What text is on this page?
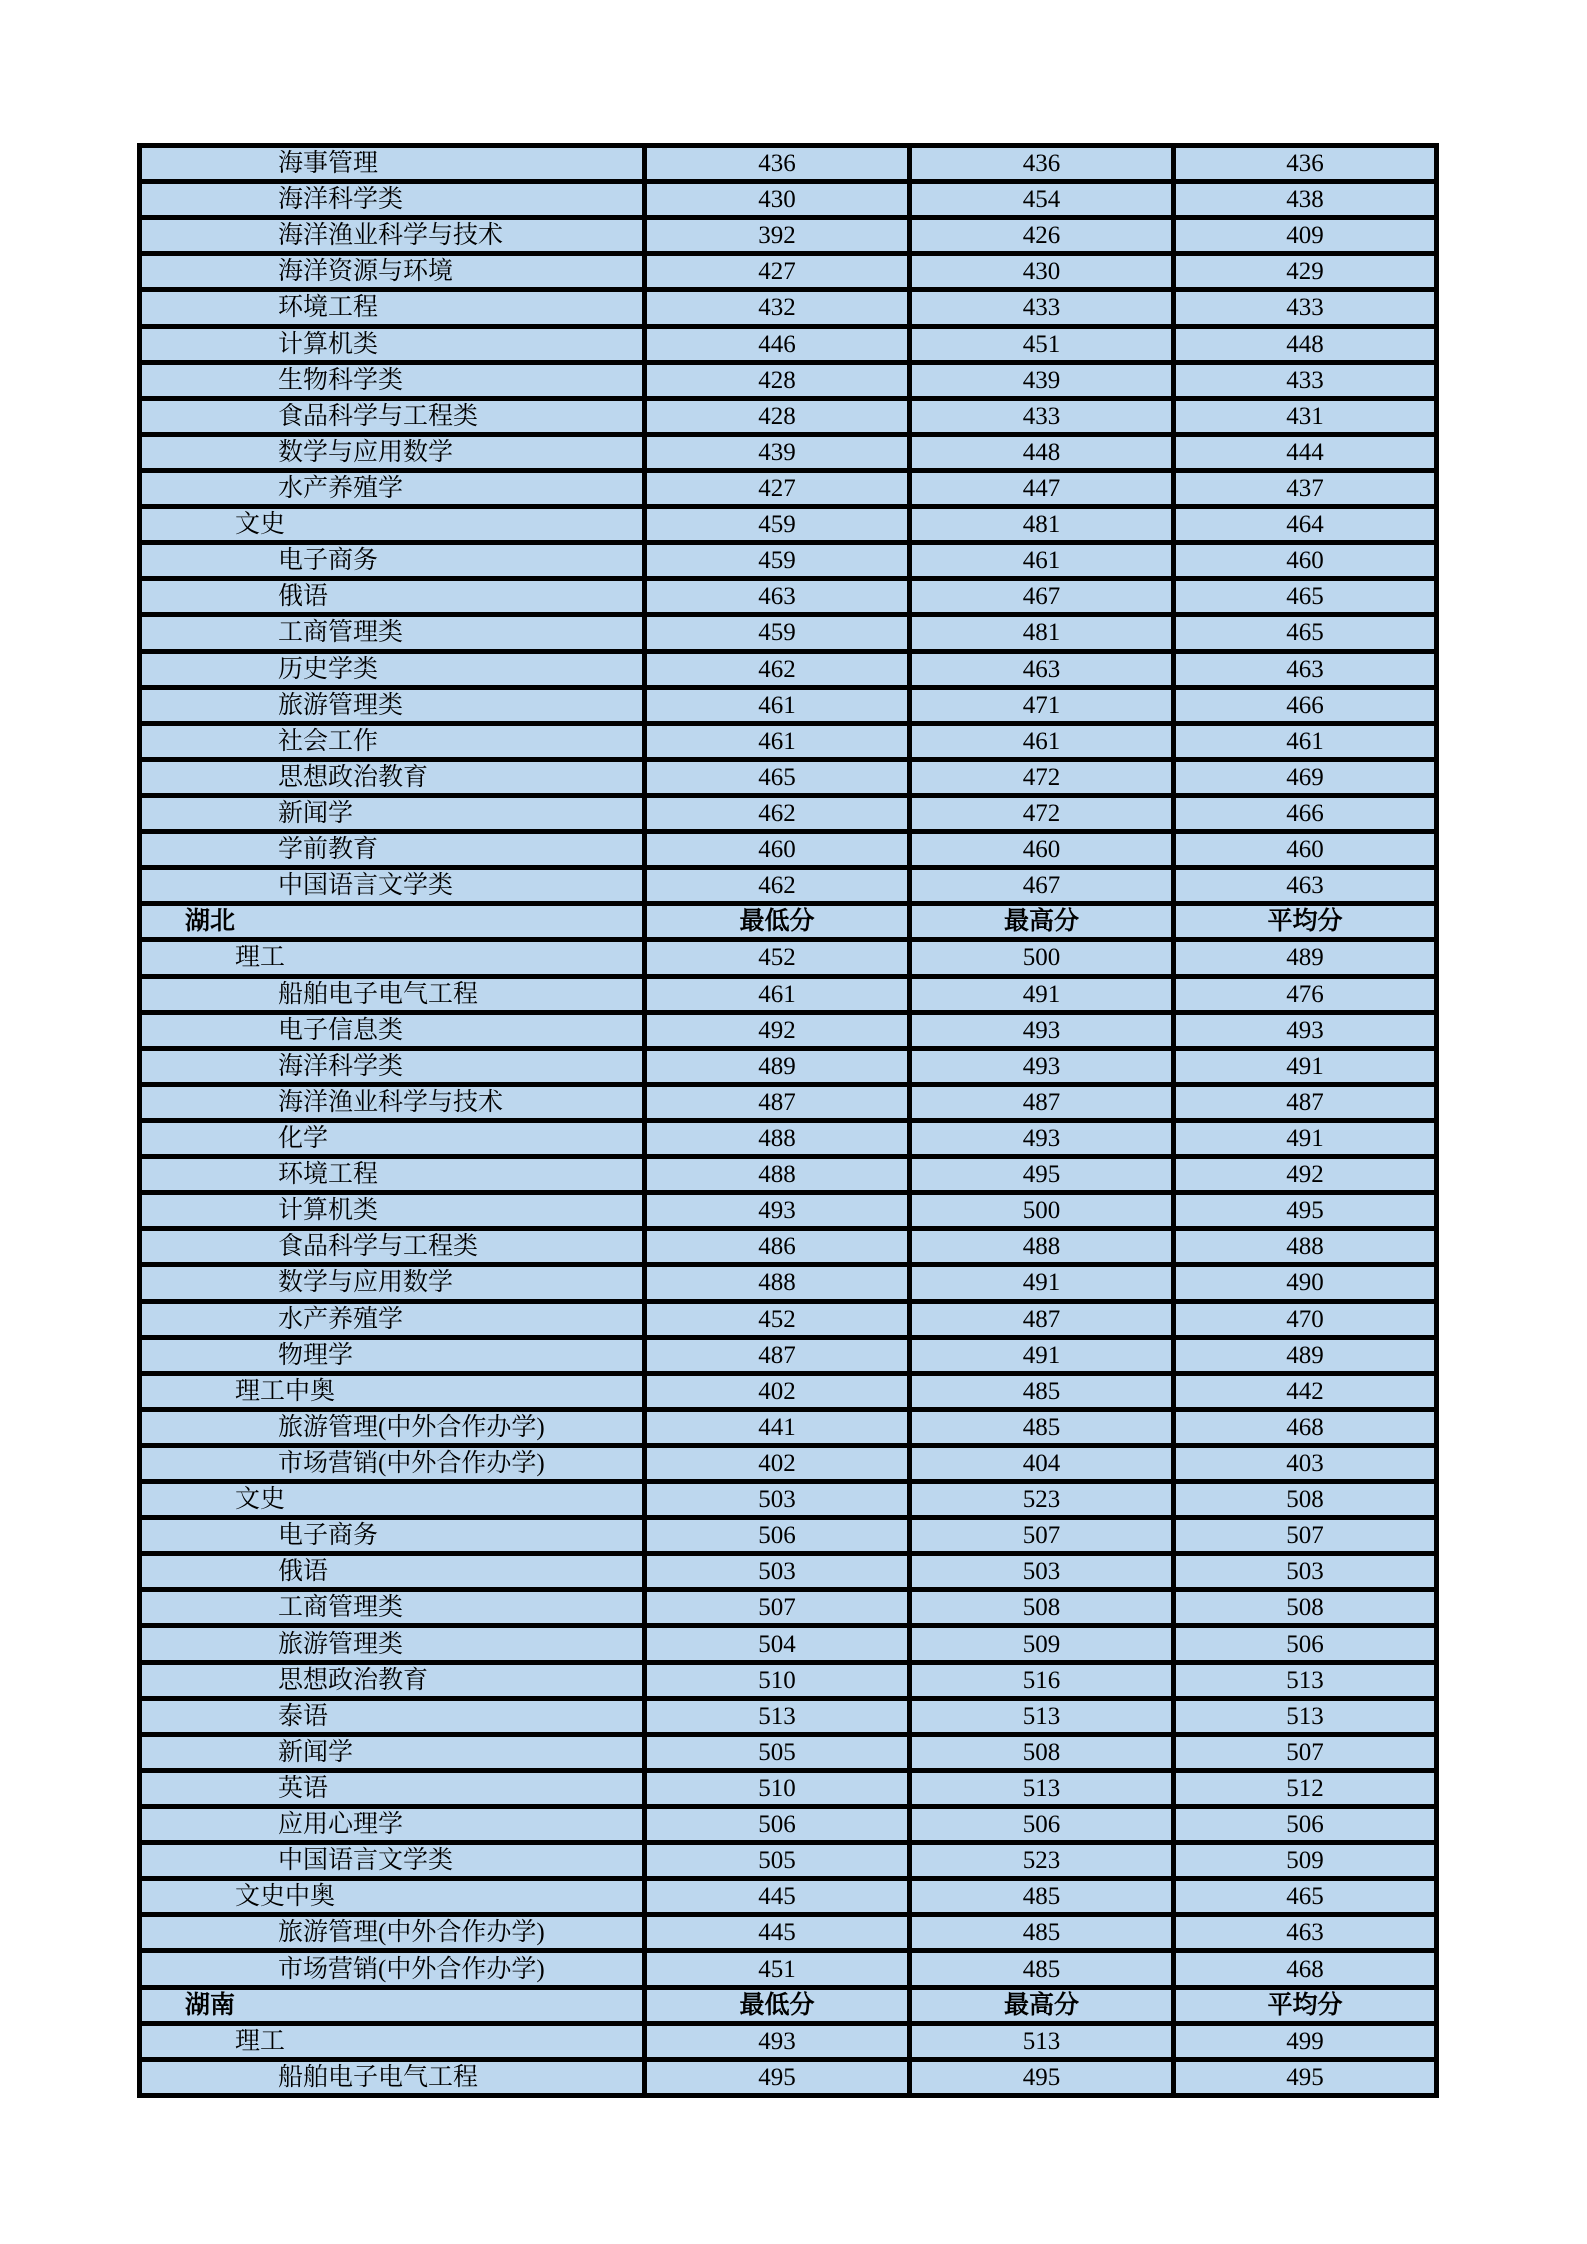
海事管理	436	436	436
海洋科学类	430	454	438
海洋渔业科学与技术	392	426	409
海洋资源与环境	427	430	429
环境工程	432	433	433
计算机类	446	451	448
生物科学类	428	439	433
食品科学与工程类	428	433	431
数学与应用数学	439	448	444
水产养殖学	427	447	437
文史	459	481	464
电子商务	459	461	460
俄语	463	467	465
工商管理类	459	481	465
历史学类	462	463	463
旅游管理类	461	471	466
社会工作	461	461	461
思想政治教育	465	472	469
新闻学	462	472	466
学前教育	460	460	460
中国语言文学类	462	467	463
湖北	最低分	最高分	平均分
理工	452	500	489
船舶电子电气工程	461	491	476
电子信息类	492	493	493
海洋科学类	489	493	491
海洋渔业科学与技术	487	487	487
化学	488	493	491
环境工程	488	495	492
计算机类	493	500	495
食品科学与工程类	486	488	488
数学与应用数学	488	491	490
水产养殖学	452	487	470
物理学	487	491	489
理工中奥	402	485	442
旅游管理(中外合作办学)	441	485	468
市场营销(中外合作办学)	402	404	403
文史	503	523	508
电子商务	506	507	507
俄语	503	503	503
工商管理类	507	508	508
旅游管理类	504	509	506
思想政治教育	510	516	513
泰语	513	513	513
新闻学	505	508	507
英语	510	513	512
应用心理学	506	506	506
中国语言文学类	505	523	509
文史中奥	445	485	465
旅游管理(中外合作办学)	445	485	463
市场营销(中外合作办学)	451	485	468
湖南	最低分	最高分	平均分
理工	493	513	499
船舶电子电气工程	495	495	495
